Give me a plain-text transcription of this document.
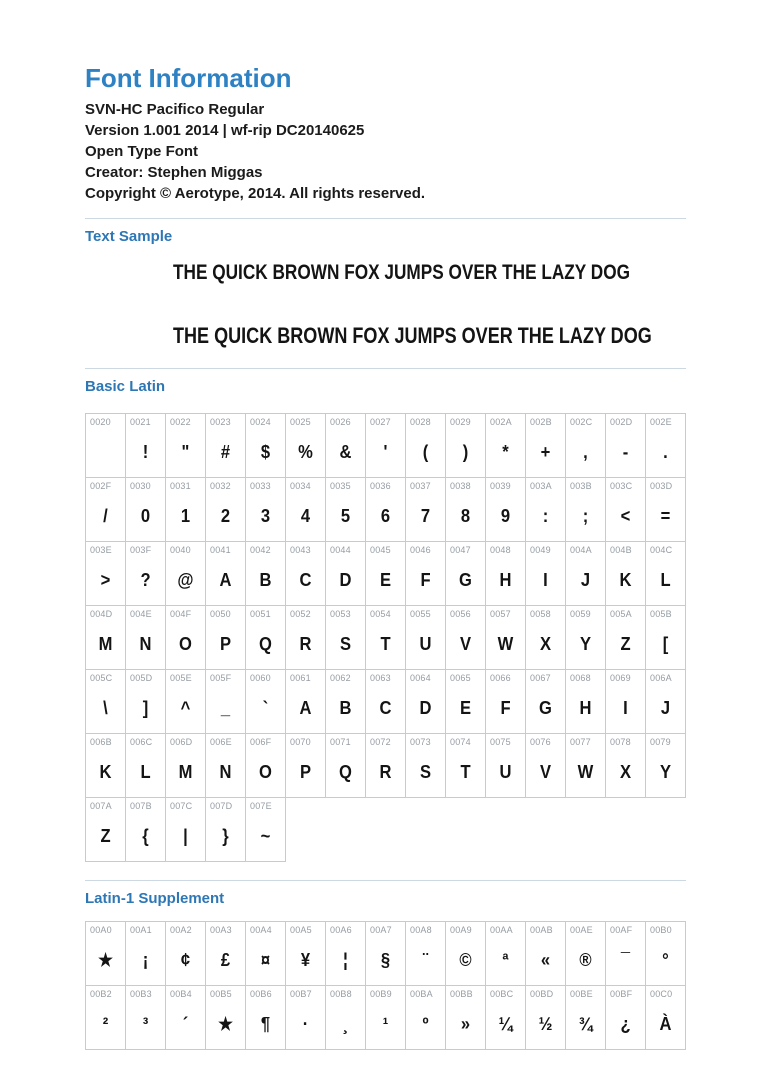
Font Information
SVN-HC Pacifico Regular
Version 1.001 2014 | wf-rip DC20140625
Open Type Font
Creator: Stephen Miggas
Copyright © Aerotype, 2014. All rights reserved.
Text Sample
THE QUICK BROWN FOX JUMPS OVER THE LAZY DOG
THE QUICK BROWN FOX JUMPS OVER THE LAZY DOG
Basic Latin
0020 0021
!
0022
"
0023
#
0024
$
0025
%
0026
&
0027
'
0028
(
0029
)
002A
*
002B
+
002C
,
002D
-
002E
.
002F
/
0030
0
0031
1
0032
2
0033
3
0034
4
0035
5
0036
6
0037
7
0038
8
0039
9
003A
:
003B
;
003C
<
003D
=
003E
>
003F
?
0040
@
0041
A
0042
B
0043
C
0044
D
0045
E
0046
F
0047
G
0048
H
0049
I
004A
J
004B
K
004C
L
004D
M
004E
N
004F
O
0050
P
0051
Q
0052
R
0053
S
0054
T
0055
U
0056
V
0057
W
0058
X
0059
Y
005A
Z
005B
[
005C
\
005D
]
005E
^
005F
_
0060
`
0061
A
0062
B
0063
C
0064
D
0065
E
0066
F
0067
G
0068
H
0069
I
006A
J
006B
K
006C
L
006D
M
006E
N
006F
O
0070
P
0071
Q
0072
R
0073
S
0074
T
0075
U
0076
V
0077
W
0078
X
0079
Y
007A
Z
007B
{
007C
|
007D
}
007E
~
Latin-1 Supplement
00A0
★
00A1
¡
00A2
¢
00A3
£
00A4
¤
00A5
¥
00A6
¦
00A7
§
00A8
¨
00A9
©
00AA
ª
00AB
«
00AE
®
00AF
¯
00B0
°
00B2
²
00B3
³
00B4
´
00B5
★
00B6
¶
00B7
·
00B8
¸
00B9
¹
00BA
º
00BB
»
00BC
¼
00BD
½
00BE
¾
00BF
¿
00C0
À
